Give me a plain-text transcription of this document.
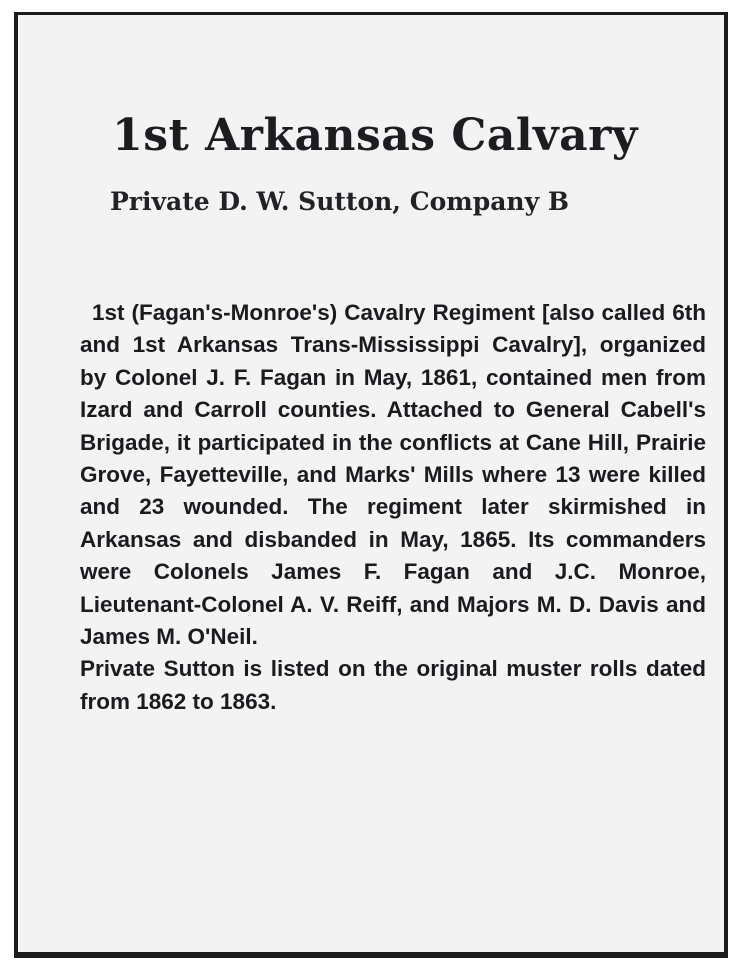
1st Arkansas Calvary
Private D. W. Sutton, Company B

1st (Fagan's-Monroe's) Cavalry Regiment [also called 6th and 1st Arkansas Trans-Mississippi Cavalry], organized by Colonel J. F. Fagan in May, 1861, contained men from Izard and Carroll counties. Attached to General Cabell's Brigade, it participated in the conflicts at Cane Hill, Prairie Grove, Fayetteville, and Marks' Mills where 13 were killed and 23 wounded. The regiment later skirmished in Arkansas and disbanded in May, 1865. Its commanders were Colonels James F. Fagan and J.C. Monroe, Lieutenant-Colonel A. V. Reiff, and Majors M. D. Davis and James M. O'Neil.

Private Sutton is listed on the original muster rolls dated from 1862 to 1863.
